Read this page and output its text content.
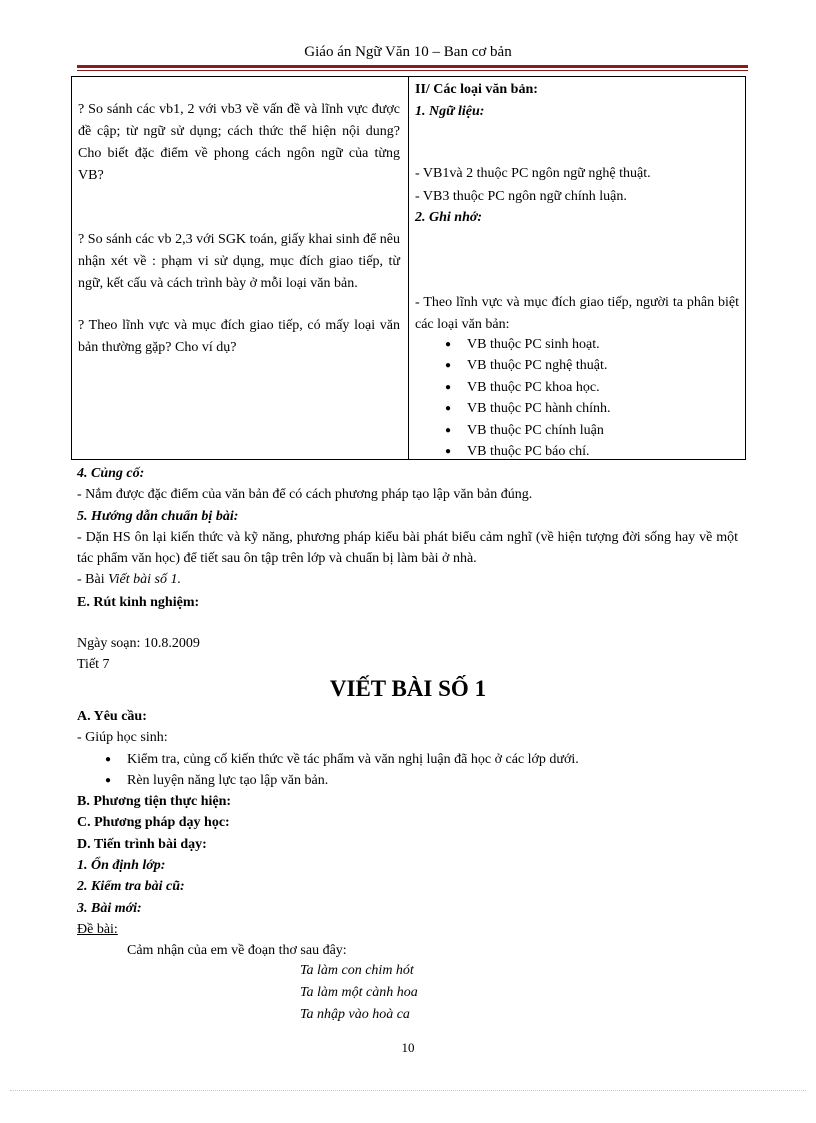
Giáo án Ngữ Văn 10 – Ban cơ bản
? So sánh các vb1, 2 với vb3 về vấn đề và lĩnh vực được đề cập; từ ngữ sử dụng; cách thức thể hiện nội dung? Cho biết đặc điểm về phong cách ngôn ngữ của từng VB?
? So sánh các vb 2,3 với SGK toán, giấy khai sinh để nêu nhận xét về : phạm vi sử dụng, mục đích giao tiếp, từ ngữ, kết cấu và cách trình bày ở mỗi loại văn bản.
? Theo lĩnh vực và mục đích giao tiếp, có mấy loại văn bản thường gặp? Cho ví dụ?
II/ Các loại văn bản:
1. Ngữ liệu:
- VB1và 2 thuộc PC ngôn ngữ nghệ thuật.
- VB3 thuộc PC ngôn ngữ chính luận.
2. Ghi nhớ:
- Theo lĩnh vực và mục đích giao tiếp, người ta phân biệt các loại văn bản:
● VB thuộc PC sinh hoạt.
● VB thuộc PC nghệ thuật.
● VB thuộc PC khoa học.
● VB thuộc PC hành chính.
● VB thuộc PC chính luận
● VB thuộc PC báo chí.
4. Củng cố:
- Nắm được đặc điểm của văn bản để có cách phương pháp tạo lập văn bản đúng.
5. Hướng dẫn chuẩn bị bài:
- Dặn HS ôn lại kiến thức và kỹ năng, phương pháp kiểu bài phát biểu cảm nghĩ (về hiện tượng đời sống hay về một tác phẩm văn học) để tiết sau ôn tập trên lớp và chuẩn bị làm bài ở nhà.
- Bài Viết bài số 1.
E. Rút kinh nghiệm:
Ngày soạn: 10.8.2009
Tiết 7
VIẾT BÀI SỐ 1
A. Yêu cầu:
- Giúp học sinh:
● Kiểm tra, củng cố kiến thức về tác phẩm và văn nghị luận đã học ở các lớp dưới.
● Rèn luyện năng lực tạo lập văn bản.
B. Phương tiện thực hiện:
C. Phương pháp dạy học:
D. Tiến trình bài dạy:
1. Ổn định lớp:
2. Kiểm tra bài cũ:
3. Bài mới:
Đề bài:
Cảm nhận của em về đoạn thơ sau đây:
Ta làm con chim hót
Ta làm một cành hoa
Ta nhập vào hoà ca
10
